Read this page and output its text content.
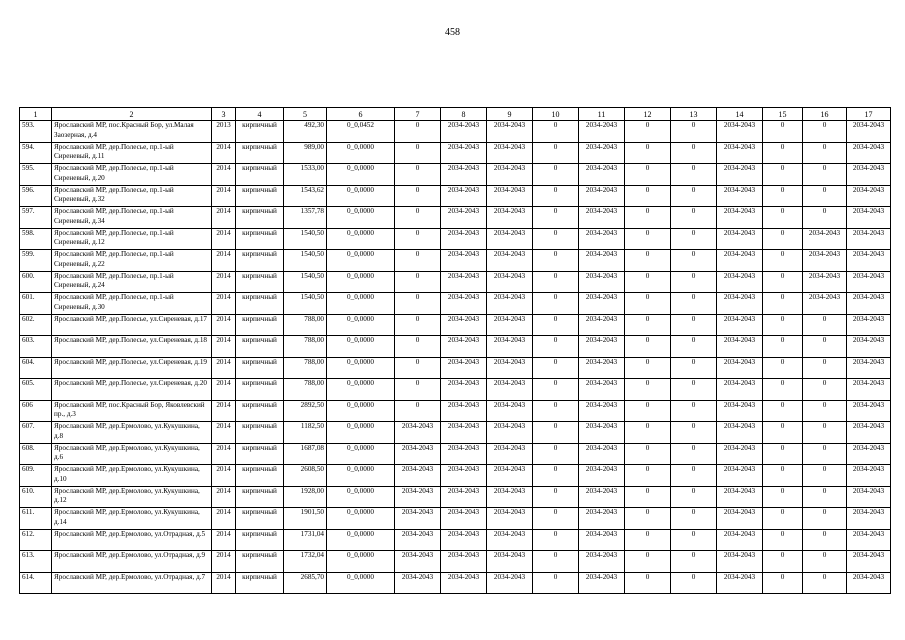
458
1	2	3	4	5	6	7	8	9	10	11	12	13	14	15	16	17
593.	Ярославский МР, пос.Красный Бор, ул.Малая Заозерная, д.4	2013	кирпичный	492,30	0_0,0452	0	2034-2043	2034-2043	0	2034-2043	0	0	2034-2043	0	0	2034-2043
594.	Ярославский МР, дер.Полесье, пр.1-ый Сиреневый, д.11	2014	кирпичный	989,00	0_0,0000	0	2034-2043	2034-2043	0	2034-2043	0	0	2034-2043	0	0	2034-2043
595.	Ярославский МР, дер.Полесье, пр.1-ый Сиреневый, д.20	2014	кирпичный	1533,00	0_0,0000	0	2034-2043	2034-2043	0	2034-2043	0	0	2034-2043	0	0	2034-2043
596.	Ярославский МР, дер.Полесье, пр.1-ый Сиреневый, д.32	2014	кирпичный	1543,62	0_0,0000	0	2034-2043	2034-2043	0	2034-2043	0	0	2034-2043	0	0	2034-2043
597.	Ярославский МР, дер.Полесье, пр.1-ый Сиреневый, д.34	2014	кирпичный	1357,78	0_0,0000	0	2034-2043	2034-2043	0	2034-2043	0	0	2034-2043	0	0	2034-2043
598.	Ярославский МР, дер.Полесье, пр.1-ый Сиреневый, д.12	2014	кирпичный	1540,50	0_0,0000	0	2034-2043	2034-2043	0	2034-2043	0	0	2034-2043	0	2034-2043	2034-2043
599.	Ярославский МР, дер.Полесье, пр.1-ый Сиреневый, д.22	2014	кирпичный	1540,50	0_0,0000	0	2034-2043	2034-2043	0	2034-2043	0	0	2034-2043	0	2034-2043	2034-2043
600.	Ярославский МР, дер.Полесье, пр.1-ый Сиреневый, д.24	2014	кирпичный	1540,50	0_0,0000	0	2034-2043	2034-2043	0	2034-2043	0	0	2034-2043	0	2034-2043	2034-2043
601.	Ярославский МР, дер.Полесье, пр.1-ый Сиреневый, д.30	2014	кирпичный	1540,50	0_0,0000	0	2034-2043	2034-2043	0	2034-2043	0	0	2034-2043	0	2034-2043	2034-2043
602.	Ярославский МР, дер.Полесье, ул.Сиреневая, д.17	2014	кирпичный	788,00	0_0,0000	0	2034-2043	2034-2043	0	2034-2043	0	0	2034-2043	0	0	2034-2043
603.	Ярославский МР, дер.Полесье, ул.Сиреневая, д.18	2014	кирпичный	788,00	0_0,0000	0	2034-2043	2034-2043	0	2034-2043	0	0	2034-2043	0	0	2034-2043
604.	Ярославский МР, дер.Полесье, ул.Сиреневая, д.19	2014	кирпичный	788,00	0_0,0000	0	2034-2043	2034-2043	0	2034-2043	0	0	2034-2043	0	0	2034-2043
605.	Ярославский МР, дер.Полесье, ул.Сиреневая, д.20	2014	кирпичный	788,00	0_0,0000	0	2034-2043	2034-2043	0	2034-2043	0	0	2034-2043	0	0	2034-2043
606	Ярославский МР, пос.Красный Бор, Яковлевский пр., д.3	2014	кирпичный	2892,50	0_0,0000	0	2034-2043	2034-2043	0	2034-2043	0	0	2034-2043	0	0	2034-2043
607.	Ярославский МР, дер.Ермолово, ул.Кукушкина, д.8	2014	кирпичный	1182,50	0_0,0000	2034-2043	2034-2043	2034-2043	0	2034-2043	0	0	2034-2043	0	0	2034-2043
608.	Ярославский МР, дер.Ермолово, ул.Кукушкина, д.6	2014	кирпичный	1687,08	0_0,0000	2034-2043	2034-2043	2034-2043	0	2034-2043	0	0	2034-2043	0	0	2034-2043
609.	Ярославский МР, дер.Ермолово, ул.Кукушкина, д.10	2014	кирпичный	2608,50	0_0,0000	2034-2043	2034-2043	2034-2043	0	2034-2043	0	0	2034-2043	0	0	2034-2043
610.	Ярославский МР, дер.Ермолово, ул.Кукушкина, д.12	2014	кирпичный	1928,00	0_0,0000	2034-2043	2034-2043	2034-2043	0	2034-2043	0	0	2034-2043	0	0	2034-2043
611.	Ярославский МР, дер.Ермолово, ул.Кукушкина, д.14	2014	кирпичный	1901,50	0_0,0000	2034-2043	2034-2043	2034-2043	0	2034-2043	0	0	2034-2043	0	0	2034-2043
612.	Ярославский МР, дер.Ермолово, ул.Отрадная, д.5	2014	кирпичный	1731,04	0_0,0000	2034-2043	2034-2043	2034-2043	0	2034-2043	0	0	2034-2043	0	0	2034-2043
613.	Ярославский МР, дер.Ермолово, ул.Отрадная, д.9	2014	кирпичный	1732,04	0_0,0000	2034-2043	2034-2043	2034-2043	0	2034-2043	0	0	2034-2043	0	0	2034-2043
614.	Ярославский МР, дер.Ермолово, ул.Отрадная, д.7	2014	кирпичный	2685,70	0_0,0000	2034-2043	2034-2043	2034-2043	0	2034-2043	0	0	2034-2043	0	0	2034-2043
